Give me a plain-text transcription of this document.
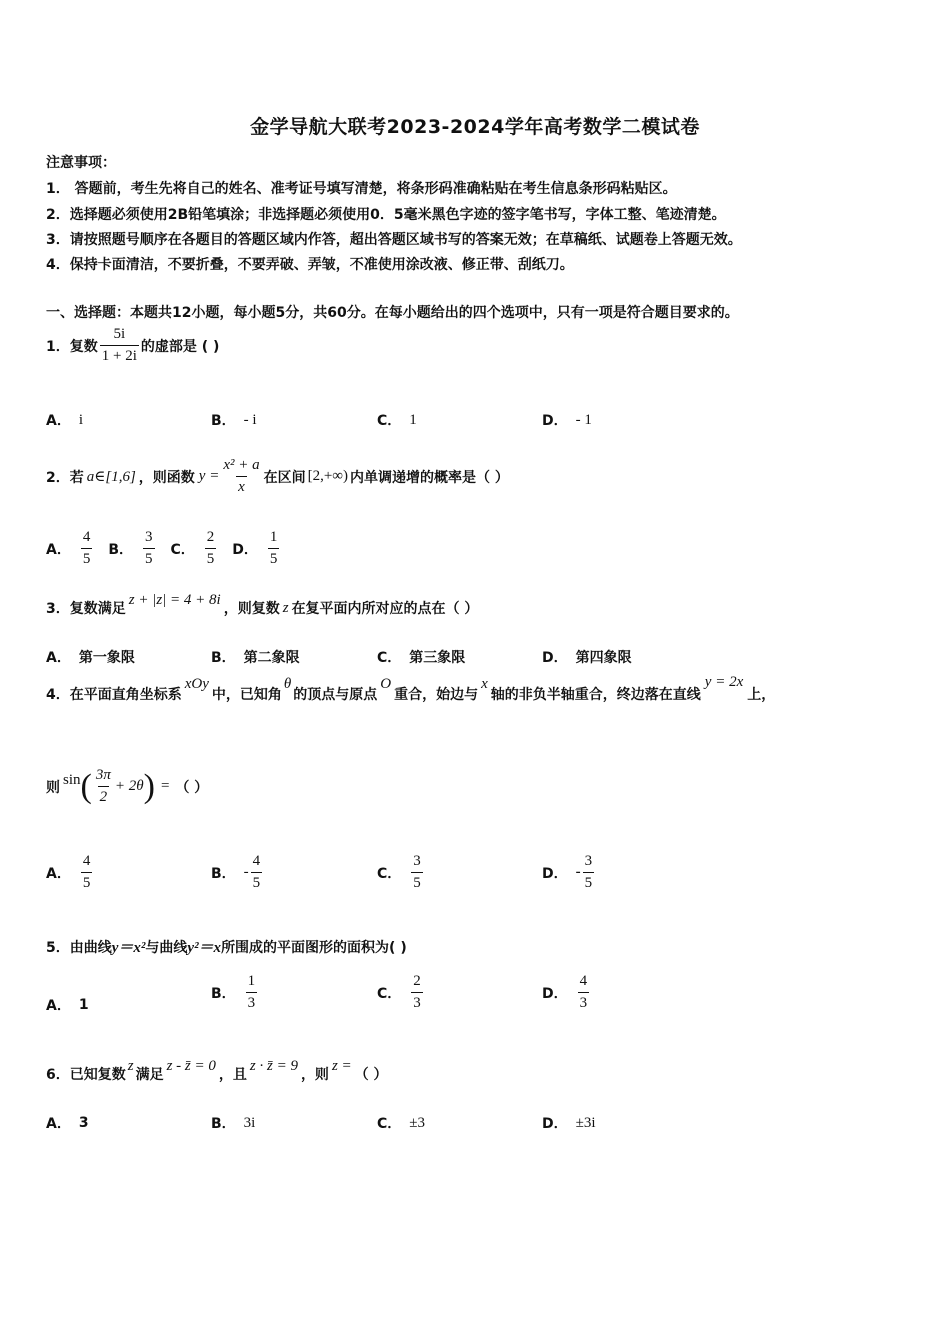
金学导航大联考2023-2024学年高考数学二模试卷
注意事项：
1． 答题前，考生先将自己的姓名、准考证号填写清楚，将条形码准确粘贴在考生信息条形码粘贴区。
2．选择题必须使用2B铅笔填涂；非选择题必须使用0．5毫米黑色字迹的签字笔书写，字体工整、笔迹清楚。
3．请按照题号顺序在各题目的答题区域内作答，超出答题区域书写的答案无效；在草稿纸、试题卷上答题无效。
4．保持卡面清洁，不要折叠，不要弄破、弄皱，不准使用涂改液、修正带、刮纸刀。
一、选择题：本题共12小题，每小题5分，共60分。在每小题给出的四个选项中，只有一项是符合题目要求的。
1．复数 $\frac{5i}{1 + 2i}$ 的虚部是 ( )
A． i	B． - i	C． 1	D． - 1
2．若 a∈[1,6] ，则函数 $y = \frac{\text{x² + a}}{x}$ 在区间 [2,+∞) 内单调递增的概率是（ ）
A． $\frac{4}{5}$ B． $\frac{3}{5}$ C． $\frac{2}{5}$ D． $\frac{1}{5}$
3．复数满足
z + |z| = 4 + 8i
，则复数 z 在复平面内所对应的点在（ ）
A． 第一象限	B． 第二象限	C． 第三象限	D． 第四象限
4．在平面直角坐标系
xOy
中，已知角
θ
的顶点与原点
O
重合，始边与
x
轴的非负半轴重合，终边落在直线
y = 2x
上，
则 sin ( $\frac{3\pi}{2} + 2\theta$ ) = （ ）
A． $\frac{4}{5}$	B． - $\frac{4}{5}$	C． $\frac{3}{5}$	D． - $\frac{3}{5}$
5．由曲线 y＝x² 与曲线 y²＝x 所围成的平面图形的面积为( )
A． 1
B． $\frac{1}{3}$	C． $\frac{2}{3}$	D． $\frac{4}{3}$
6．已知复数
z
满足
z - z̄ = 0
，且
z · z̄ = 9
，则
z =
（ ）
A． 3	B． 3i	C． ±3	D． ±3i
